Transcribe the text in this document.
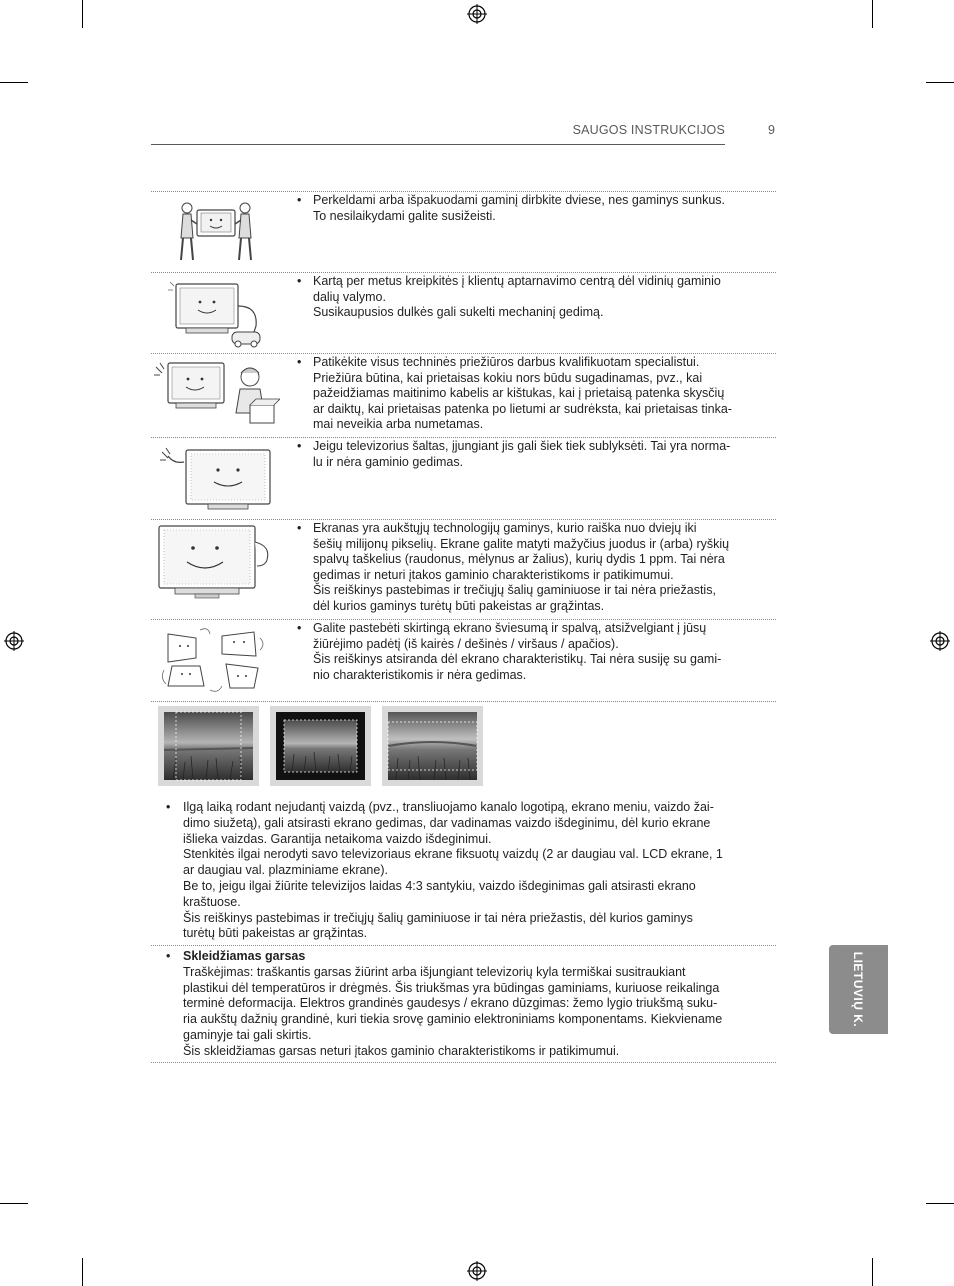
SAUGOS INSTRUKCIJOS	9
• Perkeldami arba išpakuodami gaminį dirbkite dviese, nes gaminys sunkus.
To nesilaikydami galite susižeisti.
• Kartą per metus kreipkitės į klientų aptarnavimo centrą dėl vidinių gaminio
dalių valymo.
Susikaupusios dulkės gali sukelti mechaninį gedimą.
• Patikėkite visus techninės priežiūros darbus kvalifikuotam specialistui.
Priežiūra būtina, kai prietaisas kokiu nors būdu sugadinamas, pvz., kai
pažeidžiamas maitinimo kabelis ar kištukas, kai į prietaisą patenka skysčių
ar daiktų, kai prietaisas patenka po lietumi ar sudrėksta, kai prietaisas tinka-
mai neveikia arba numetamas.
• Jeigu televizorius šaltas, įjungiant jis gali šiek tiek sublyksėti. Tai yra norma-
lu ir nėra gaminio gedimas.
• Ekranas yra aukštųjų technologijų gaminys, kurio raiška nuo dviejų iki
šešių milijonų pikselių. Ekrane galite matyti mažyčius juodus ir (arba) ryškių
spalvų taškelius (raudonus, mėlynus ar žalius), kurių dydis 1 ppm. Tai nėra
gedimas ir neturi įtakos gaminio charakteristikoms ir patikimumui.
Šis reiškinys pastebimas ir trečiųjų šalių gaminiuose ir tai nėra priežastis,
dėl kurios gaminys turėtų būti pakeistas ar grąžintas.
• Galite pastebėti skirtingą ekrano šviesumą ir spalvą, atsižvelgiant į jūsų
žiūrėjimo padėtį (iš kairės / dešinės / viršaus / apačios).
Šis reiškinys atsiranda dėl ekrano charakteristikų. Tai nėra susiję su gami-
nio charakteristikomis ir nėra gedimas.
• Ilgą laiką rodant nejudantį vaizdą (pvz., transliuojamo kanalo logotipą, ekrano meniu, vaizdo žai-
dimo siužetą), gali atsirasti ekrano gedimas, dar vadinamas vaizdo išdeginimu, dėl kurio ekrane
išlieka vaizdas. Garantija netaikoma vaizdo išdeginimui.
Stenkitės ilgai nerodyti savo televizoriaus ekrane fiksuotų vaizdų (2 ar daugiau val. LCD ekrane, 1
ar daugiau val. plazminiame ekrane).
Be to, jeigu ilgai žiūrite televizijos laidas 4:3 santykiu, vaizdo išdeginimas gali atsirasti ekrano
kraštuose.
Šis reiškinys pastebimas ir trečiųjų šalių gaminiuose ir tai nėra priežastis, dėl kurios gaminys
turėtų būti pakeistas ar grąžintas.
• Skleidžiamas garsas
Traškėjimas: traškantis garsas žiūrint arba išjungiant televizorių kyla termiškai susitraukiant
plastikui dėl temperatūros ir drėgmės. Šis triukšmas yra būdingas gaminiams, kuriuose reikalinga
terminė deformacija. Elektros grandinės gaudesys / ekrano dūzgimas: žemo lygio triukšmą suku-
ria aukštų dažnių grandinė, kuri tiekia srovę gaminio elektroniniams komponentams. Kiekviename
gaminyje tai gali skirtis.
Šis skleidžiamas garsas neturi įtakos gaminio charakteristikoms ir patikimumui.
LIETUVIŲ K.
